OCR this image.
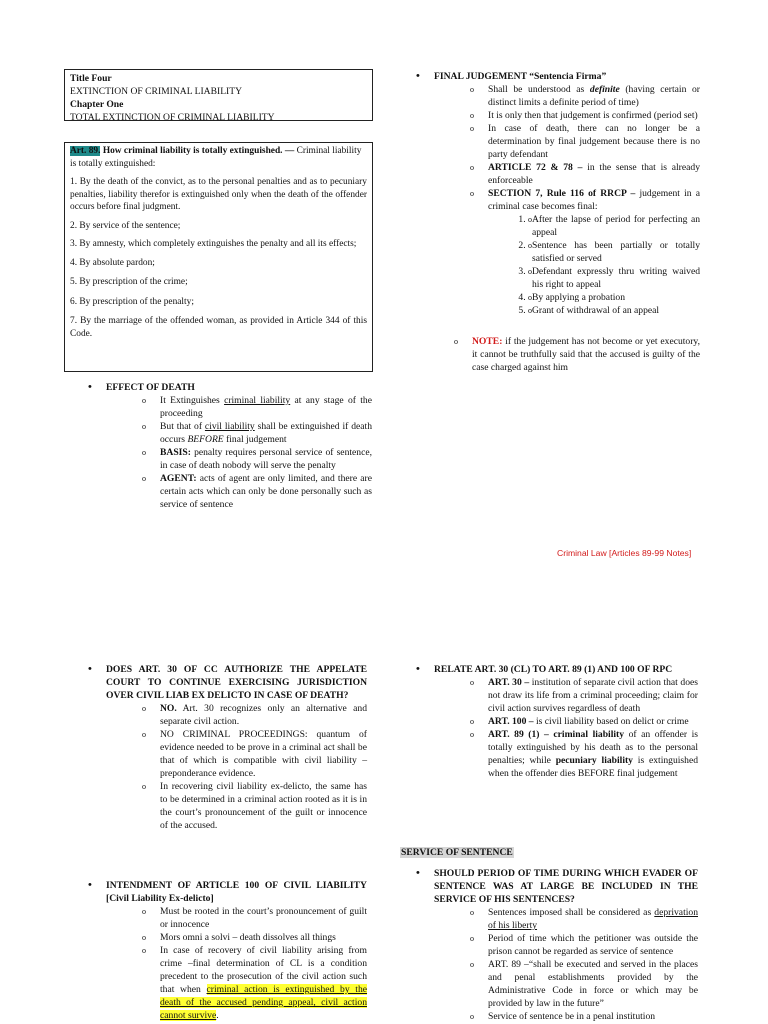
Title Four

EXTINCTION OF CRIMINAL LIABILITY

Chapter One

TOTAL EXTINCTION OF CRIMINAL LIABILITY

Art. 89. How criminal liability is totally extinguished. — Criminal liability is totally extinguished:

1. By the death of the convict, as to the personal penalties and as to pecuniary penalties, liability therefor is extinguished only when the death of the offender occurs before final judgment.

2. By service of the sentence;

3. By amnesty, which completely extinguishes the penalty and all its effects;

4. By absolute pardon;

5. By prescription of the crime;

6. By prescription of the penalty;

7. By the marriage of the offended woman, as provided in Article 344 of this Code.

• EFFECT OF DEATH
o It Extinguishes criminal liability at any stage of the proceeding
o But that of civil liability shall be extinguished if death occurs BEFORE final judgement
o BASIS: penalty requires personal service of sentence, in case of death nobody will serve the penalty
o AGENT: acts of agent are only limited, and there are certain acts which can only be done personally such as service of sentence
• FINAL JUDGEMENT “Sentencia Firma”
o Shall be understood as definite (having certain or distinct limits a definite period of time)
o It is only then that judgement is confirmed (period set)
o In case of death, there can no longer be a determination by final judgement because there is no party defendant
o ARTICLE 72 & 78 – in the sense that is already enforceable
o SECTION 7, Rule 116 of RRCP – judgement in a criminal case becomes final:
o 1. After the lapse of period for perfecting an appeal
o 2. Sentence has been partially or totally satisfied or served
o 3. Defendant expressly thru writing waived his right to appeal
o 4. By applying a probation
o 5. Grant of withdrawal of an appeal
o NOTE: if the judgement has not become or yet executory, it cannot be truthfully said that the accused is guilty of the case charged against him
Criminal Law [Articles 89-99 Notes]
• DOES ART. 30 OF CC AUTHORIZE THE APPELATE COURT TO CONTINUE EXERCISING JURISDICTION OVER CIVIL LIAB EX DELICTO IN CASE OF DEATH?
o NO. Art. 30 recognizes only an alternative and separate civil action.
o NO CRIMINAL PROCEEDINGS: quantum of evidence needed to be prove in a criminal act shall be that of which is compatible with civil liability – preponderance evidence.
o In recovering civil liability ex-delicto, the same has to be determined in a criminal action rooted as it is in the court’s pronouncement of the guilt or innocence of the accused.
• INTENDMENT OF ARTICLE 100 OF CIVIL LIABILITY [Civil Liability Ex-delicto]
o Must be rooted in the court’s pronouncement of guilt or innocence
o Mors omni a solvi – death dissolves all things
o In case of recovery of civil liability arising from crime –final determination of CL is a condition precedent to the prosecution of the civil action such that when criminal action is extinguished by the death of the accused pending appeal, civil action cannot survive.
• RELATE ART. 30 (CL) TO ART. 89 (1) AND 100 OF RPC
o ART. 30 – institution of separate civil action that does not draw its life from a criminal proceeding; claim for civil action survives regardless of death
o ART. 100 – is civil liability based on delict or crime
o ART. 89 (1) – criminal liability of an offender is totally extinguished by his death as to the personal penalties; while pecuniary liability is extinguished when the offender dies BEFORE final judgement
SERVICE OF SENTENCE
• SHOULD PERIOD OF TIME DURING WHICH EVADER OF SENTENCE WAS AT LARGE BE INCLUDED IN THE SERVICE OF HIS SENTENCES?
o Sentences imposed shall be considered as deprivation of his liberty
o Period of time which the petitioner was outside the prison cannot be regarded as service of sentence
o ART. 89 –“shall be executed and served in the places and penal establishments provided by the Administrative Code in force or which may be provided by law in the future”
o Service of sentence be in a penal institution
